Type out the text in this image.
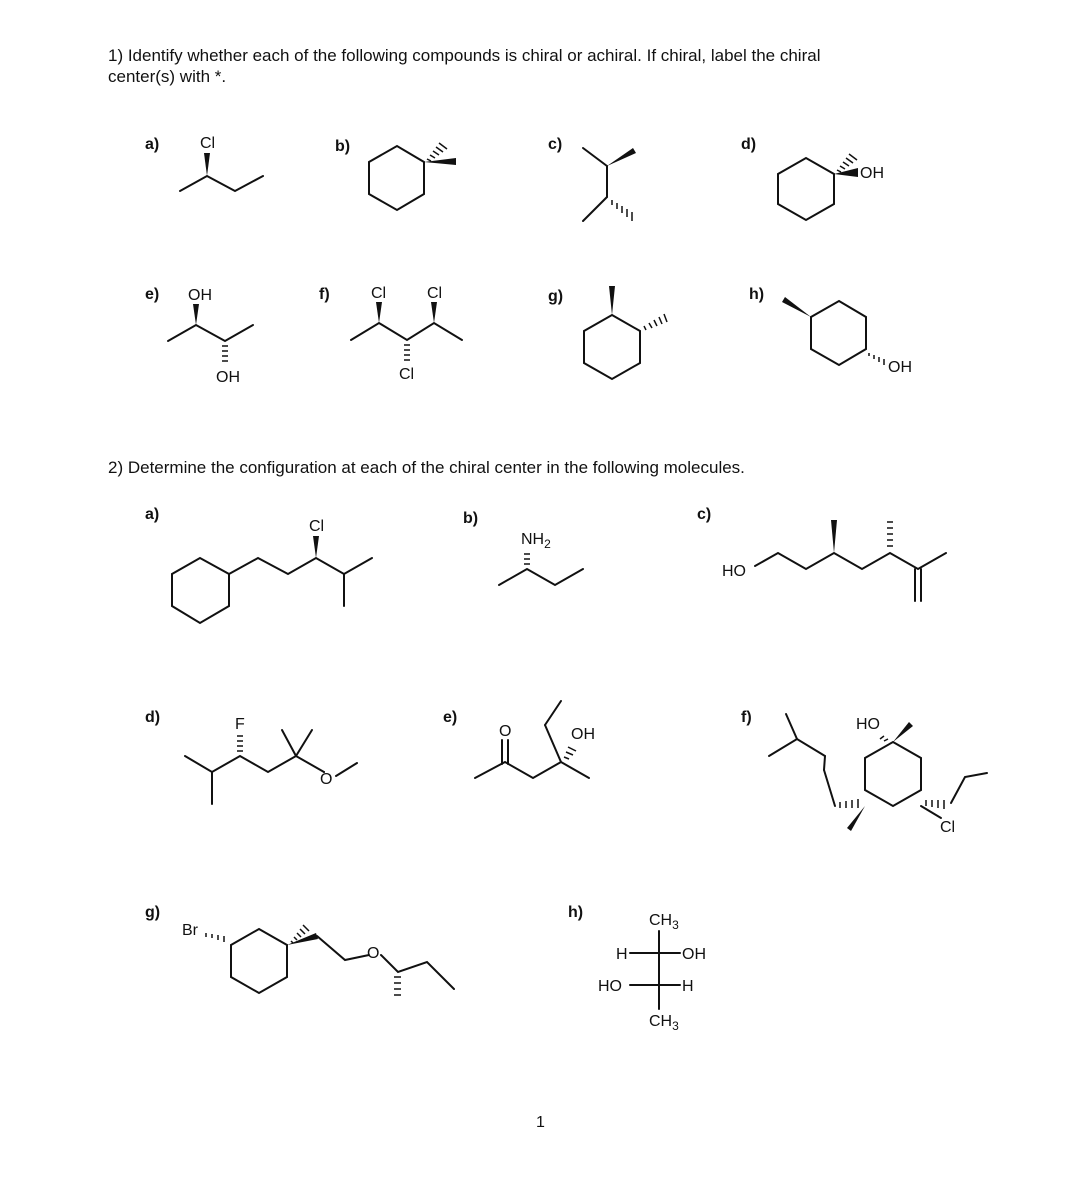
1) Identify whether each of the following compounds is chiral or achiral. If chiral, label the chiral
center(s) with *.
2) Determine the configuration at each of the chiral center in the following molecules.
a)	b)	c)	d)
e)	f)	g)	h)
a)	b)	c)
d)	e)	f)
g)	h)
1
Cl
OH
OH
OH
Cl	Cl
Cl	OH
Cl
$NH_2$
HO
F
O
O	OH
HO
Cl
Br
O
$CH_3$
H	OH
HO	H
$CH_3$
